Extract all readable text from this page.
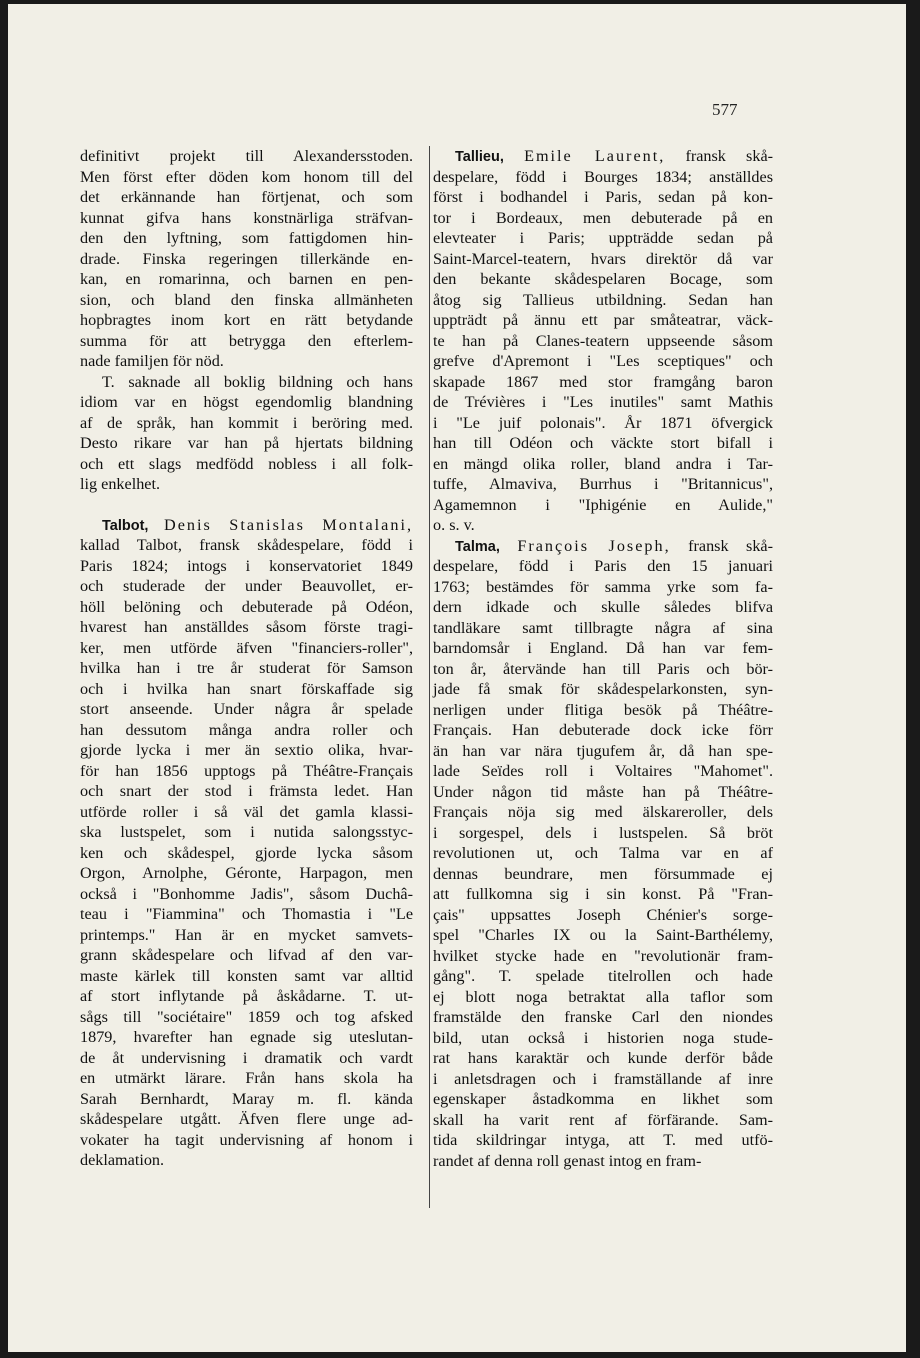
577
definitivt projekt till Alexandersstoden.
Men först efter döden kom honom till del
det erkännande han förtjenat, och som
kunnat gifva hans konstnärliga sträfvan-
den den lyftning, som fattigdomen hin-
drade. Finska regeringen tillerkände en-
kan, en romarinna, och barnen en pen-
sion, och bland den finska allmänheten
hopbragtes inom kort en rätt betydande
summa för att betrygga den efterlem-
nade familjen för nöd.
T. saknade all boklig bildning och hans
idiom var en högst egendomlig blandning
af de språk, han kommit i beröring med.
Desto rikare var han på hjertats bildning
och ett slags medfödd nobless i all folk-
lig enkelhet.
Talbot, Denis Stanislas Montalani,
kallad Talbot, fransk skådespelare, född i
Paris 1824; intogs i konservatoriet 1849
och studerade der under Beauvollet, er-
höll belöning och debuterade på Odéon,
hvarest han anställdes såsom förste tragi-
ker, men utförde äfven "financiers-roller",
hvilka han i tre år studerat för Samson
och i hvilka han snart förskaffade sig
stort anseende. Under några år spelade
han dessutom många andra roller och
gjorde lycka i mer än sextio olika, hvar-
för han 1856 upptogs på Théâtre-Français
och snart der stod i främsta ledet. Han
utförde roller i så väl det gamla klassi-
ska lustspelet, som i nutida salongsstyc-
ken och skådespel, gjorde lycka såsom
Orgon, Arnolphe, Géronte, Harpagon, men
också i "Bonhomme Jadis", såsom Duchâ-
teau i "Fiammina" och Thomastia i "Le
printemps." Han är en mycket samvets-
grann skådespelare och lifvad af den var-
maste kärlek till konsten samt var alltid
af stort inflytande på åskådarne. T. ut-
sågs till "sociétaire" 1859 och tog afsked
1879, hvarefter han egnade sig uteslutan-
de åt undervisning i dramatik och vardt
en utmärkt lärare. Från hans skola ha
Sarah Bernhardt, Maray m. fl. kända
skådespelare utgått. Äfven flere unge ad-
vokater ha tagit undervisning af honom i
deklamation.
Tallieu, Emile Laurent, fransk skå-
despelare, född i Bourges 1834; anställdes
först i bodhandel i Paris, sedan på kon-
tor i Bordeaux, men debuterade på en
elevteater i Paris; uppträdde sedan på
Saint-Marcel-teatern, hvars direktör då var
den bekante skådespelaren Bocage, som
åtog sig Tallieus utbildning. Sedan han
uppträdt på ännu ett par småteatrar, väck-
te han på Clanes-teatern uppseende såsom
grefve d'Apremont i "Les sceptiques" och
skapade 1867 med stor framgång baron
de Trévières i "Les inutiles" samt Mathis
i "Le juif polonais". År 1871 öfvergick
han till Odéon och väckte stort bifall i
en mängd olika roller, bland andra i Tar-
tuffe, Almaviva, Burrhus i "Britannicus",
Agamemnon i "Iphigénie en Aulide,"
o. s. v.
Talma, François Joseph, fransk skå-
despelare, född i Paris den 15 januari
1763; bestämdes för samma yrke som fa-
dern idkade och skulle således blifva
tandläkare samt tillbragte några af sina
barndomsår i England. Då han var fem-
ton år, återvände han till Paris och bör-
jade få smak för skådespelarkonsten, syn-
nerligen under flitiga besök på Théâtre-
Français. Han debuterade dock icke förr
än han var nära tjugufem år, då han spe-
lade Seïdes roll i Voltaires "Mahomet".
Under någon tid måste han på Théâtre-
Français nöja sig med älskareroller, dels
i sorgespel, dels i lustspelen. Så bröt
revolutionen ut, och Talma var en af
dennas beundrare, men försummade ej
att fullkomna sig i sin konst. På "Fran-
çais" uppsattes Joseph Chénier's sorge-
spel "Charles IX ou la Saint-Barthélemy,
hvilket stycke hade en "revolutionär fram-
gång". T. spelade titelrollen och hade
ej blott noga betraktat alla taflor som
framstälde den franske Carl den niondes
bild, utan också i historien noga stude-
rat hans karaktär och kunde derför både
i anletsdragen och i framställande af inre
egenskaper åstadkomma en likhet som
skall ha varit rent af förfärande. Sam-
tida skildringar intyga, att T. med utfö-
randet af denna roll genast intog en fram-
